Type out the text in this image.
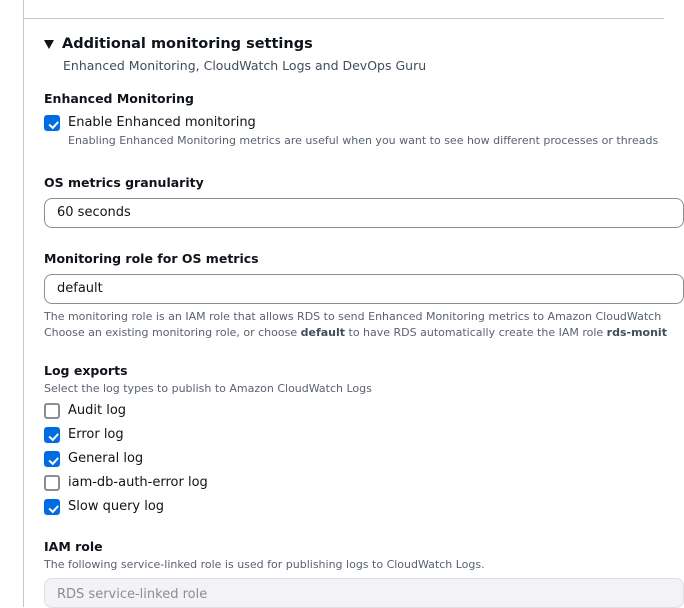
Additional monitoring settings
Enhanced Monitoring, CloudWatch Logs and DevOps Guru
Enhanced Monitoring
Enable Enhanced monitoring
Enabling Enhanced Monitoring metrics are useful when you want to see how different processes or threads
OS metrics granularity
60 seconds
Monitoring role for OS metrics
default
The monitoring role is an IAM role that allows RDS to send Enhanced Monitoring metrics to Amazon CloudWatch
Choose an existing monitoring role, or choose default to have RDS automatically create the IAM role rds-monit
Log exports
Select the log types to publish to Amazon CloudWatch Logs
Audit log
Error log
General log
iam-db-auth-error log
Slow query log
IAM role
The following service-linked role is used for publishing logs to CloudWatch Logs.
RDS service-linked role
